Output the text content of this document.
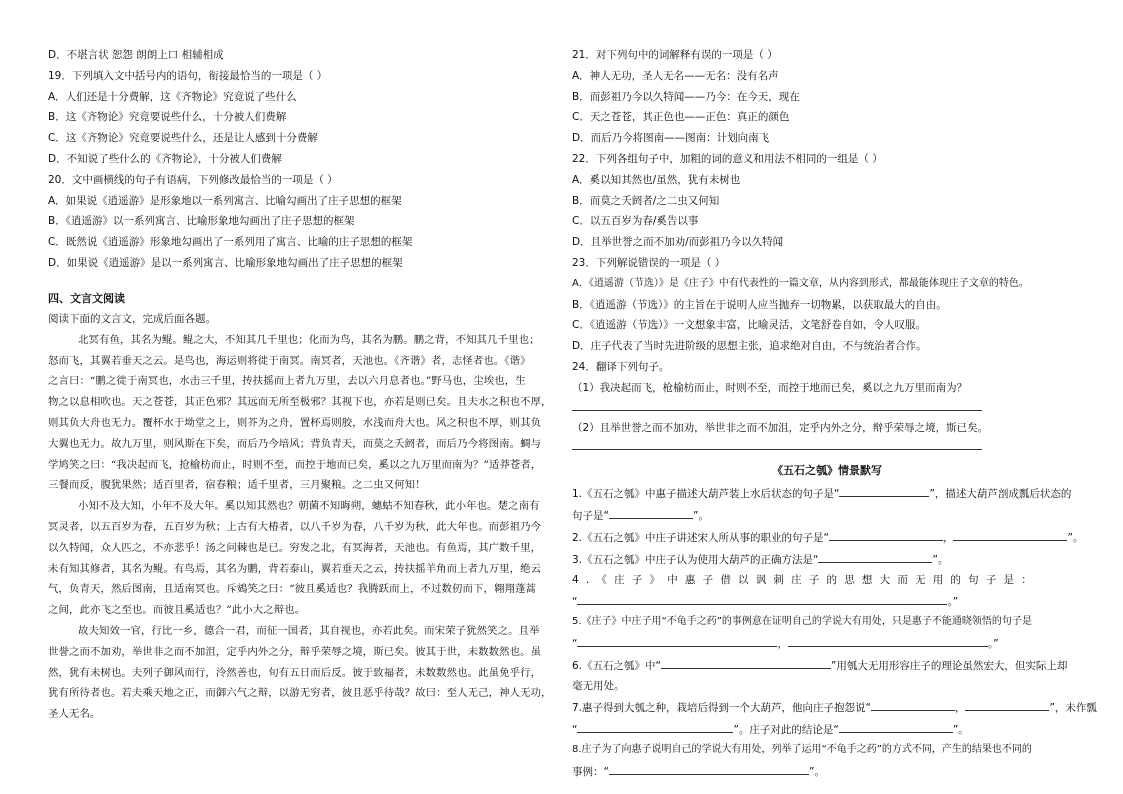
D．不堪言状 恕怨 朗朗上口 相辅相成
19．下列填入文中括号内的语句，衔接最恰当的一项是（ ）
A．人们还是十分费解，这《齐物论》究竟说了些什么
B．这《齐物论》究竟要说些什么，十分被人们费解
C．这《齐物论》究竟要说些什么，还是让人感到十分费解
D．不知说了些什么的《齐物论》，十分被人们费解
20．文中画横线的句子有语病，下列修改最恰当的一项是（ ）
A．如果说《逍遥游》是形象地以一系列寓言、比喻勾画出了庄子思想的框架
B．《逍遥游》以一系列寓言、比喻形象地勾画出了庄子思想的框架
C．既然说《逍遥游》形象地勾画出了一系列用了寓言、比喻的庄子思想的框架
D．如果说《逍遥游》是以一系列寓言、比喻形象地勾画出了庄子思想的框架
四、文言文阅读
阅读下面的文言文，完成后面各题。
北冥有鱼，其名为鲲。鲲之大，不知其几千里也；化而为鸟，其名为鹏。鹏之背，不知其几千里也；
怒而飞，其翼若垂天之云。是鸟也，海运则将徙于南冥。南冥者，天池也。《齐谐》者，志怪者也。《谐》
之言曰：“鹏之徙于南冥也，水击三千里，抟扶摇而上者九万里，去以六月息者也。”野马也，尘埃也，生
物之以息相吹也。天之苍苍，其正色邪？其远而无所至极邪？其视下也，亦若是则已矣。且夫水之积也不厚，
则其负大舟也无力。覆杯水于坳堂之上，则芥为之舟，置杯焉则胶，水浅而舟大也。风之积也不厚，则其负
大翼也无力。故九万里，则风斯在下矣，而后乃今培风；背负青天，而莫之夭阏者，而后乃今将图南。蜩与
学鸠笑之曰：“我决起而飞，抢榆枋而止，时则不至，而控于地而已矣，奚以之九万里而南为？”适莽苍者，
三餐而反，腹犹果然；适百里者，宿春粮；适千里者，三月聚粮。之二虫又何知！
小知不及大知，小年不及大年。奚以知其然也？朝菌不知晦朔，蟪蛄不知春秋，此小年也。楚之南有
冥灵者，以五百岁为春，五百岁为秋；上古有大椿者，以八千岁为春，八千岁为秋，此大年也。而彭祖乃今
以久特闻，众人匹之，不亦悲乎！汤之问棘也是已。穷发之北，有冥海者，天池也。有鱼焉，其广数千里，
未有知其修者，其名为鲲。有鸟焉，其名为鹏，背若泰山，翼若垂天之云，抟扶摇羊角而上者九万里，绝云
气，负青天，然后图南，且适南冥也。斥鴳笑之曰：“彼且奚适也？我腾跃而上，不过数仞而下，翱翔蓬蒿
之间，此亦飞之至也。而彼且奚适也？”此小大之辩也。
故夫知效一官，行比一乡，德合一君，而征一国者，其自视也，亦若此矣。而宋荣子犹然笑之。且举
世誉之而不加劝，举世非之而不加沮，定乎内外之分，辩乎荣辱之境，斯已矣。彼其于世，未数数然也。虽
然，犹有未树也。夫列子御风而行，泠然善也，旬有五日而后反。彼于致福者，未数数然也。此虽免乎行，
犹有所待者也。若夫乘天地之正，而御六气之辩，以游无穷者，彼且恶乎待哉？故曰：至人无己，神人无功，
圣人无名。
21．对下列句中的词解释有误的一项是（ ）
A．神人无功，圣人无名——无名：没有名声
B．而彭祖乃今以久特闻——乃今：在今天，现在
C．天之苍苍，其正色也——正色：真正的颜色
D．而后乃今将图南——图南：计划向南飞
22．下列各组句子中，加粗的词的意义和用法不相同的一组是（ ）
A．奚以知其然也/虽然，犹有未树也
B．而莫之夭阏者/之二虫又何知
C．以五百岁为春/奚告以事
D．且举世誉之而不加劝/而彭祖乃今以久特闻
23．下列解说错误的一项是（ ）
A．《逍遥游（节选）》是《庄子》中有代表性的一篇文章，从内容到形式，都最能体现庄子文章的特色。
B．《逍遥游（节选）》的主旨在于说明人应当抛弃一切物累，以获取最大的自由。
C．《逍遥游（节选）》一文想象丰富，比喻灵活，文笔舒卷自如，令人叹服。
D．庄子代表了当时先进阶级的思想主张，追求绝对自由，不与统治者合作。
24．翻译下列句子。
（1）我决起而飞，枪榆枋而止，时则不至，而控于地而已矣，奚以之九万里而南为？
（2）且举世誉之而不加劝，举世非之而不加沮，定乎内外之分，辩乎荣辱之境，斯已矣。
《五石之瓠》情景默写
1.《五石之瓠》中惠子描述大葫芦装上水后状态的句子是“	”，描述大葫芦剖成瓢后状态的
句子是“	”。
2.《五石之瓠》中庄子讲述宋人所从事的职业的句子是“	，	”。
3.《五石之瓠》中庄子认为使用大葫芦的正确方法是“	”。
4.《庄子》中惠子借以讽刺庄子的思想大而无用的句子是：
“	。”
5.《庄子》中庄子用“不龟手之药”的事例意在证明自己的学说大有用处，只是惠子不能通晓领悟的句子是
“	，	。”
6.《五石之瓠》中“	”用瓠大无用形容庄子的理论虽然宏大，但实际上却
毫无用处。
7.惠子得到大瓠之种，栽培后得到一个大葫芦，他向庄子抱怨说“	，	”，未作瓢
“	”。庄子对此的结论是“	”。
8.庄子为了向惠子说明自己的学说大有用处，列举了运用“不龟手之药”的方式不同，产生的结果也不同的
事例：“	”。
